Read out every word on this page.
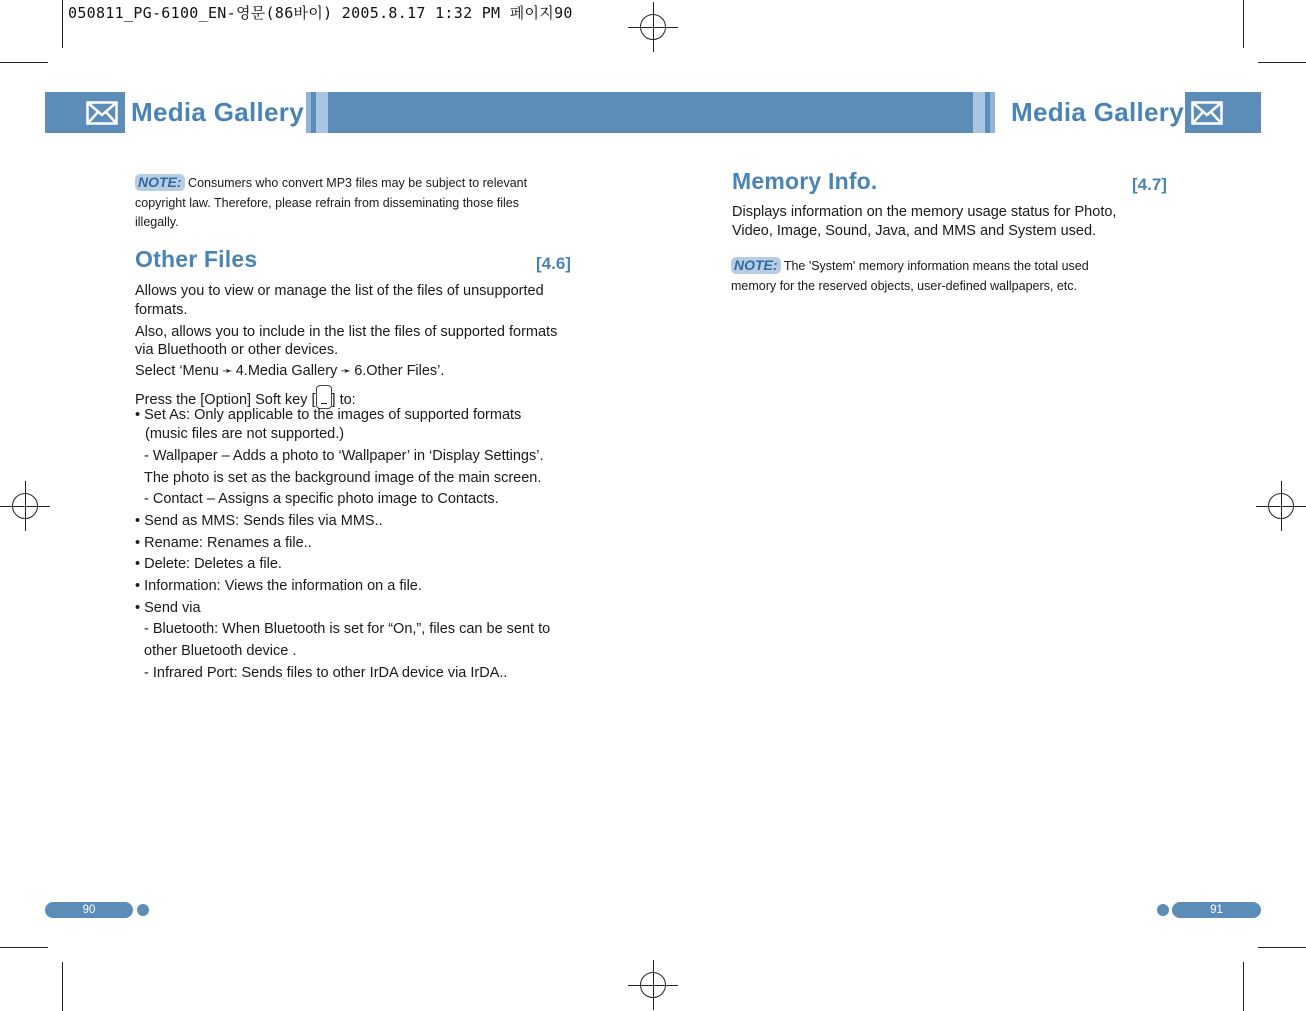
050811_PG-6100_EN-영문(86바이) 2005.8.17 1:32 PM 페이지90
Media Gallery	Media Gallery
NOTE: Consumers who convert MP3 files may be subject to relevant
copyright law. Therefore, please refrain from disseminating those files
illegally.
Other Files	[4.6]
Allows you to view or manage the list of the files of unsupported
formats.
Also, allows you to include in the list the files of supported formats
via Bluethooth or other devices.
Select ‘Menu ➛ 4.Media Gallery ➛ 6.Other Files’.
Press the [Option] Soft key [ ] to:
• Set As: Only applicable to the images of supported formats
(music files are not supported.)
- Wallpaper – Adds a photo to ‘Wallpaper’ in ‘Display Settings’.
The photo is set as the background image of the main screen.
- Contact – Assigns a specific photo image to Contacts.
• Send as MMS: Sends files via MMS..
• Rename: Renames a file..
• Delete: Deletes a file.
• Information: Views the information on a file.
• Send via
- Bluetooth: When Bluetooth is set for “On,”, files can be sent to
other Bluetooth device .
- Infrared Port: Sends files to other IrDA device via IrDA..
Memory Info.	[4.7]
Displays information on the memory usage status for Photo,
Video, Image, Sound, Java, and MMS and System used.
NOTE: The 'System' memory information means the total used
memory for the reserved objects, user-defined wallpapers, etc.
90	91
